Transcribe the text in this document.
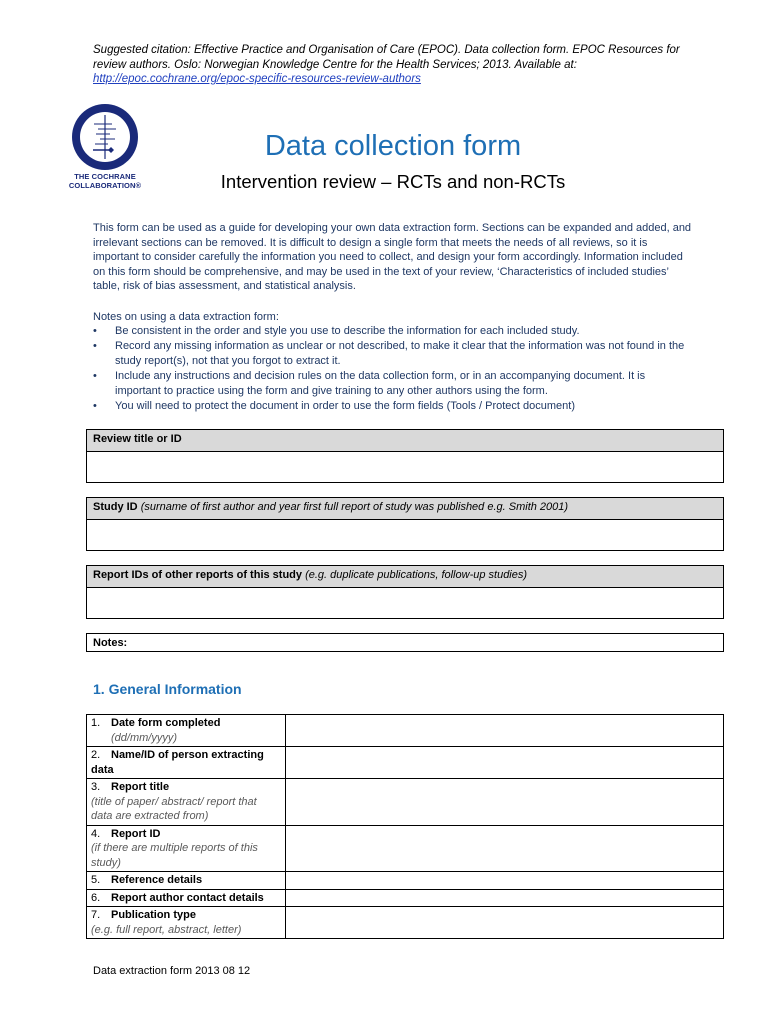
Suggested citation: Effective Practice and Organisation of Care (EPOC). Data collection form. EPOC Resources for review authors. Oslo: Norwegian Knowledge Centre for the Health Services; 2013. Available at:
http://epoc.cochrane.org/epoc-specific-resources-review-authors
THE COCHRANE
COLLABORATION®
Data collection form
Intervention review – RCTs and non-RCTs
This form can be used as a guide for developing your own data extraction form. Sections can be expanded and added, and irrelevant sections can be removed. It is difficult to design a single form that meets the needs of all reviews, so it is important to consider carefully the information you need to collect, and design your form accordingly. Information included on this form should be comprehensive, and may be used in the text of your review, ‘Characteristics of included studies’ table, risk of bias assessment, and statistical analysis.
Notes on using a data extraction form:
• Be consistent in the order and style you use to describe the information for each included study.
• Record any missing information as unclear or not described, to make it clear that the information was not found in the study report(s), not that you forgot to extract it.
• Include any instructions and decision rules on the data collection form, or in an accompanying document. It is important to practice using the form and give training to any other authors using the form.
• You will need to protect the document in order to use the form fields (Tools / Protect document)
Review title or ID
Study ID (surname of first author and year first full report of study was published e.g. Smith 2001)
Report IDs of other reports of this study (e.g. duplicate publications, follow-up studies)
Notes:
1. General Information
1. Date form completed
(dd/mm/yyyy)	

2. Name/ID of person extracting data	
3. Report title
(title of paper/ abstract/ report that data are extracted from)	

4. Report ID
(if there are multiple reports of this study)	

5. Reference details	
6. Report author contact details	
7. Publication type
(e.g. full report, abstract, letter)	

Data extraction form 2013 08 12
